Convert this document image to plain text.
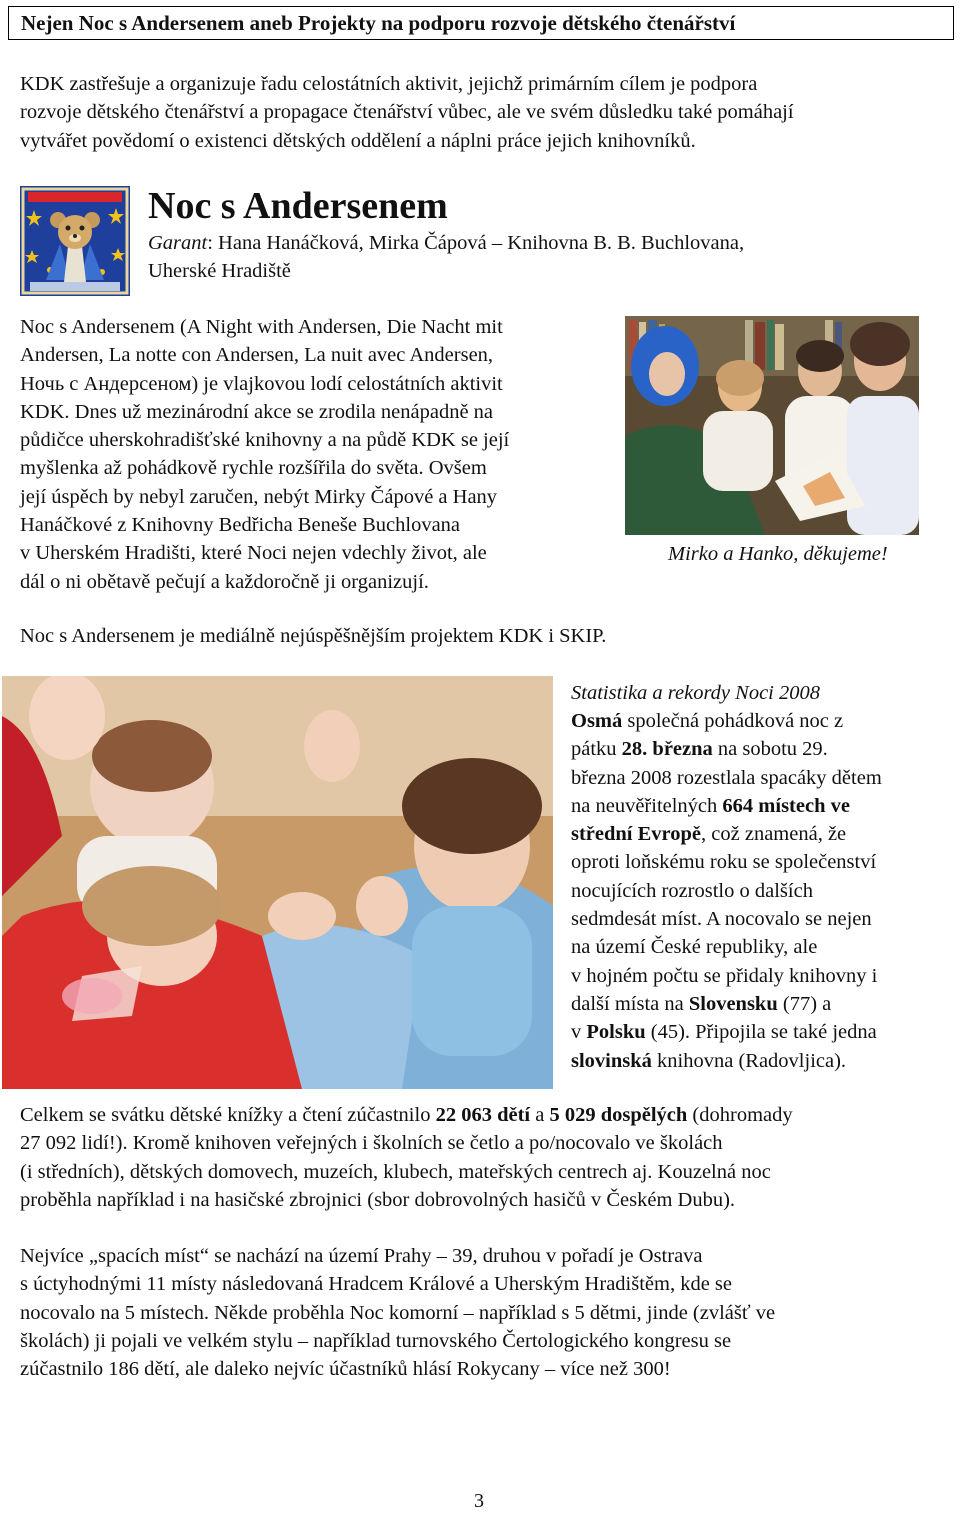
Nejen Noc s Andersenem aneb Projekty na podporu rozvoje dětského čtenářství
KDK zastřešuje a organizuje řadu celostátních aktivit, jejichž primárním cílem je podpora
rozvoje dětského čtenářství a propagace čtenářství vůbec, ale ve svém důsledku také pomáhají
vytvářet povědomí o existenci dětských oddělení a náplni práce jejich knihovníků.
Noc s Andersenem
Garant: Hana Hanáčková, Mirka Čápová – Knihovna B. B. Buchlovana,
Uherské Hradiště
Noc s Andersenem (A Night with Andersen, Die Nacht mit
Andersen, La notte con Andersen, La nuit avec Andersen,
Ночь с Андерсеном) je vlajkovou lodí celostátních aktivit
KDK. Dnes už mezinárodní akce se zrodila nenápadně na
půdičce uherskohradišťské knihovny a na půdě KDK se její
myšlenka až pohádkově rychle rozšířila do světa. Ovšem
její úspěch by nebyl zaručen, nebýt Mirky Čápové a Hany
Hanáčkové z Knihovny Bedřicha Beneše Buchlovana
v Uherském Hradišti, které Noci nejen vdechly život, ale
dál o ni obětavě pečují a každoročně ji organizují.
Mirko a Hanko, děkujeme!
Noc s Andersenem je mediálně nejúspěšnějším projektem KDK i SKIP.
Statistika a rekordy Noci 2008
Osmá společná pohádková noc z
pátku 28. března na sobotu 29.
března 2008 rozestlala spacáky dětem
na neuvěřitelných 664 místech ve
střední Evropě, což znamená, že
oproti loňskému roku se společenství
nocujících rozrostlo o dalších
sedmdesát míst. A nocovalo se nejen
na území České republiky, ale
v hojném počtu se přidaly knihovny i
další místa na Slovensku (77) a
v Polsku (45). Připojila se také jedna
slovinská knihovna (Radovljica).
Celkem se svátku dětské knížky a čtení zúčastnilo 22 063 dětí a 5 029 dospělých (dohromady
27 092 lidí!). Kromě knihoven veřejných i školních se četlo a po/nocovalo ve školách
(i středních), dětských domovech, muzeích, klubech, mateřských centrech aj. Kouzelná noc
proběhla například i na hasičské zbrojnici (sbor dobrovolných hasičů v Českém Dubu).
Nejvíce „spacích míst“ se nachází na území Prahy – 39, druhou v pořadí je Ostrava
s úctyhodnými 11 místy následovaná Hradcem Králové a Uherským Hradištěm, kde se
nocovalo na 5 místech. Někde proběhla Noc komorní – například s 5 dětmi, jinde (zvlášť ve
školách) ji pojali ve velkém stylu – například turnovského Čertologického kongresu se
zúčastnilo 186 dětí, ale daleko nejvíc účastníků hlásí Rokycany – více než 300!
3
